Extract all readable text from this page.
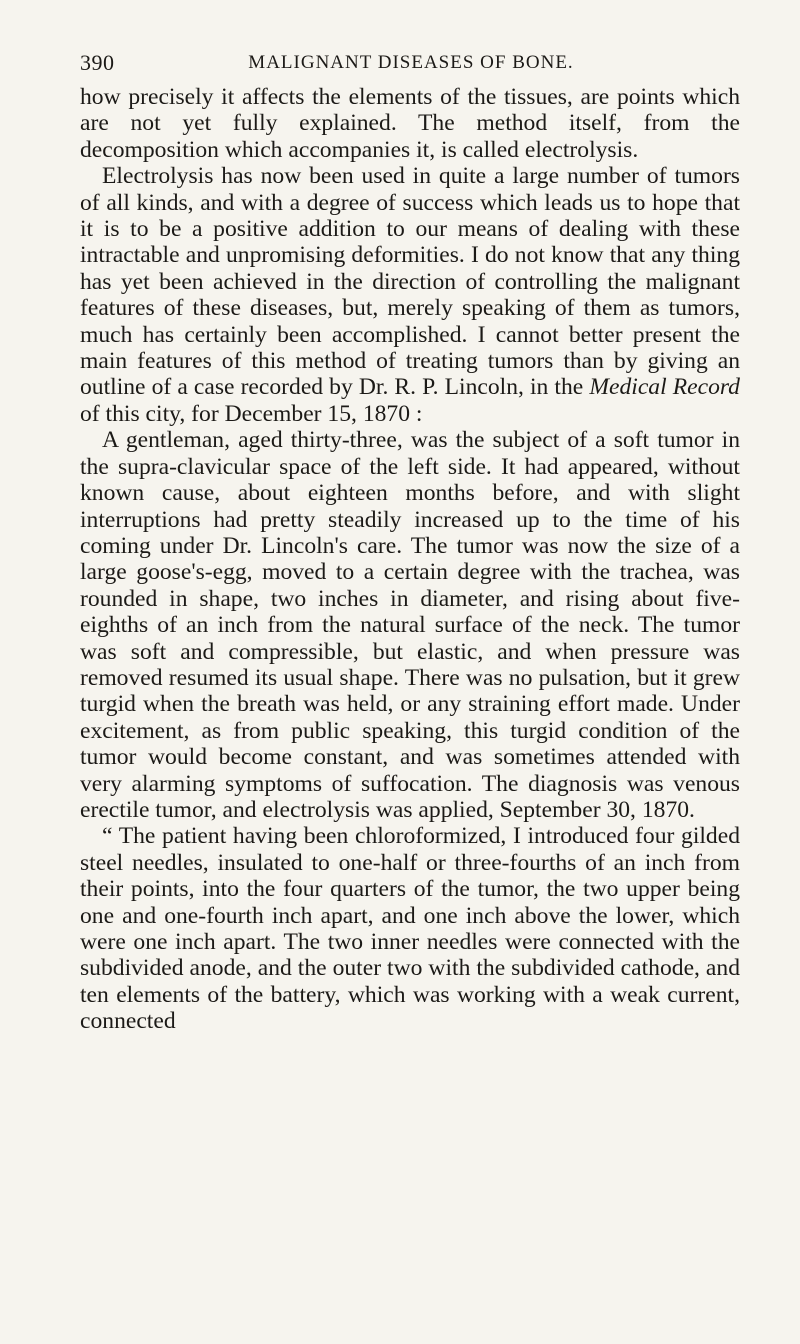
390	MALIGNANT DISEASES OF BONE.

how precisely it affects the elements of the tissues, are points which are not yet fully explained. The method itself, from the decomposition which accompanies it, is called electrolysis.

Electrolysis has now been used in quite a large number of tumors of all kinds, and with a degree of success which leads us to hope that it is to be a positive addition to our means of dealing with these intractable and unpromising deformities. I do not know that any thing has yet been achieved in the direction of controlling the malignant features of these diseases, but, merely speaking of them as tumors, much has certainly been accomplished. I cannot better present the main features of this method of treating tumors than by giving an outline of a case recorded by Dr. R. P. Lincoln, in the Medical Record of this city, for December 15, 1870 :

A gentleman, aged thirty-three, was the subject of a soft tumor in the supra-clavicular space of the left side. It had appeared, without known cause, about eighteen months before, and with slight interruptions had pretty steadily increased up to the time of his coming under Dr. Lincoln's care. The tumor was now the size of a large goose's-egg, moved to a certain degree with the trachea, was rounded in shape, two inches in diameter, and rising about five-eighths of an inch from the natural surface of the neck. The tumor was soft and compressible, but elastic, and when pressure was removed resumed its usual shape. There was no pulsation, but it grew turgid when the breath was held, or any straining effort made. Under excitement, as from public speaking, this turgid condition of the tumor would become constant, and was sometimes attended with very alarming symptoms of suffocation. The diagnosis was venous erectile tumor, and electrolysis was applied, September 30, 1870.

“ The patient having been chloroformized, I introduced four gilded steel needles, insulated to one-half or three-fourths of an inch from their points, into the four quarters of the tumor, the two upper being one and one-fourth inch apart, and one inch above the lower, which were one inch apart. The two inner needles were connected with the subdivided anode, and the outer two with the subdivided cathode, and ten elements of the battery, which was working with a weak current, connected
